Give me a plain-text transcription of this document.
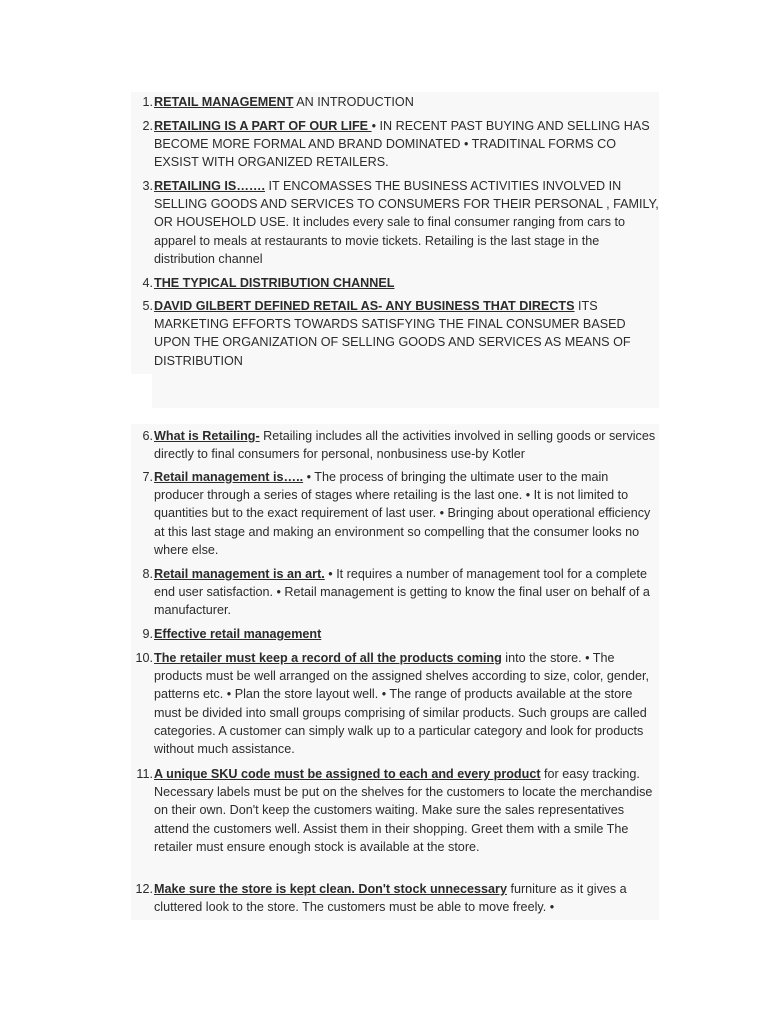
1. RETAIL MANAGEMENT AN INTRODUCTION
2. RETAILING IS A PART OF OUR LIFE • IN RECENT PAST BUYING AND SELLING HAS BECOME MORE FORMAL AND BRAND DOMINATED • TRADITINAL FORMS CO EXSIST WITH ORGANIZED RETAILERS.
3. RETAILING IS……. IT ENCOMASSES THE BUSINESS ACTIVITIES INVOLVED IN SELLING GOODS AND SERVICES TO CONSUMERS FOR THEIR PERSONAL , FAMILY, OR HOUSEHOLD USE. It includes every sale to final consumer ranging from cars to apparel to meals at restaurants to movie tickets. Retailing is the last stage in the distribution channel
4. THE TYPICAL DISTRIBUTION CHANNEL
5. DAVID GILBERT DEFINED RETAIL AS- ANY BUSINESS THAT DIRECTS ITS MARKETING EFFORTS TOWARDS SATISFYING THE FINAL CONSUMER BASED UPON THE ORGANIZATION OF SELLING GOODS AND SERVICES AS MEANS OF DISTRIBUTION
6. What is Retailing- Retailing includes all the activities involved in selling goods or services directly to final consumers for personal, nonbusiness use-by Kotler
7. Retail management is….. • The process of bringing the ultimate user to the main producer through a series of stages where retailing is the last one. • It is not limited to quantities but to the exact requirement of last user. • Bringing about operational efficiency at this last stage and making an environment so compelling that the consumer looks no where else.
8. Retail management is an art. • It requires a number of management tool for a complete end user satisfaction. • Retail management is getting to know the final user on behalf of a manufacturer.
9. Effective retail management
10. The retailer must keep a record of all the products coming into the store. • The products must be well arranged on the assigned shelves according to size, color, gender, patterns etc. • Plan the store layout well. • The range of products available at the store must be divided into small groups comprising of similar products. Such groups are called categories. A customer can simply walk up to a particular category and look for products without much assistance.
11. A unique SKU code must be assigned to each and every product for easy tracking. Necessary labels must be put on the shelves for the customers to locate the merchandise on their own. Don't keep the customers waiting. Make sure the sales representatives attend the customers well. Assist them in their shopping. Greet them with a smile The retailer must ensure enough stock is available at the store.
12. Make sure the store is kept clean. Don't stock unnecessary furniture as it gives a cluttered look to the store. The customers must be able to move freely. •
